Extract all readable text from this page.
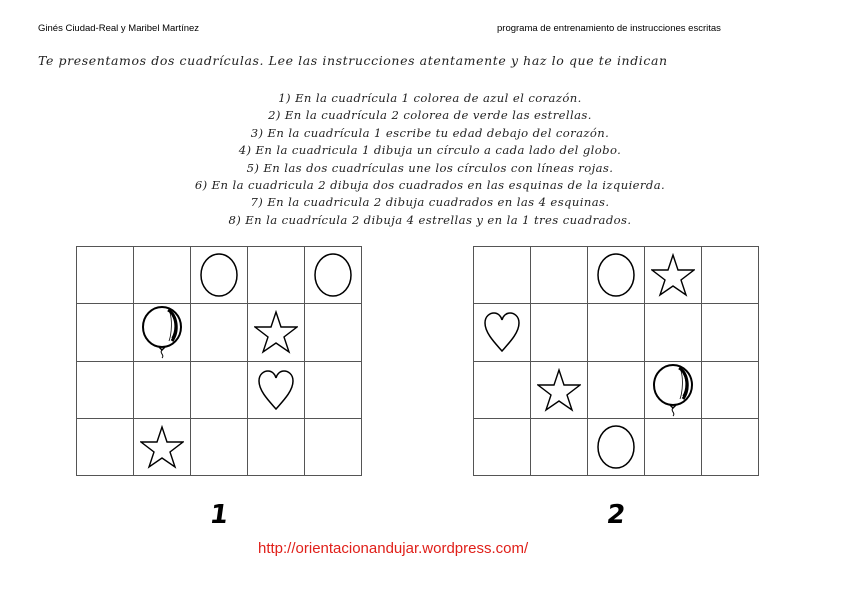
Ginés Ciudad-Real y Maribel Martínez	programa de entrenamiento de instrucciones escritas
Te presentamos dos cuadrículas. Lee las instrucciones atentamente y haz lo que te indican
1) En la cuadrícula 1 colorea de azul el corazón.
2) En la cuadrícula 2 colorea de verde las estrellas.
3) En la cuadrícula 1 escribe tu edad debajo del corazón.
4) En la cuadricula 1 dibuja un círculo a cada lado del globo.
5) En las dos cuadrículas une los círculos con líneas rojas.
6) En la cuadricula 2 dibuja dos cuadrados en las esquinas de la izquierda.
7) En la cuadricula 2 dibuja cuadrados en las 4 esquinas.
8) En la cuadrícula 2 dibuja 4 estrellas y en la 1 tres cuadrados.

1	2
http://orientacionandujar.wordpress.com/
